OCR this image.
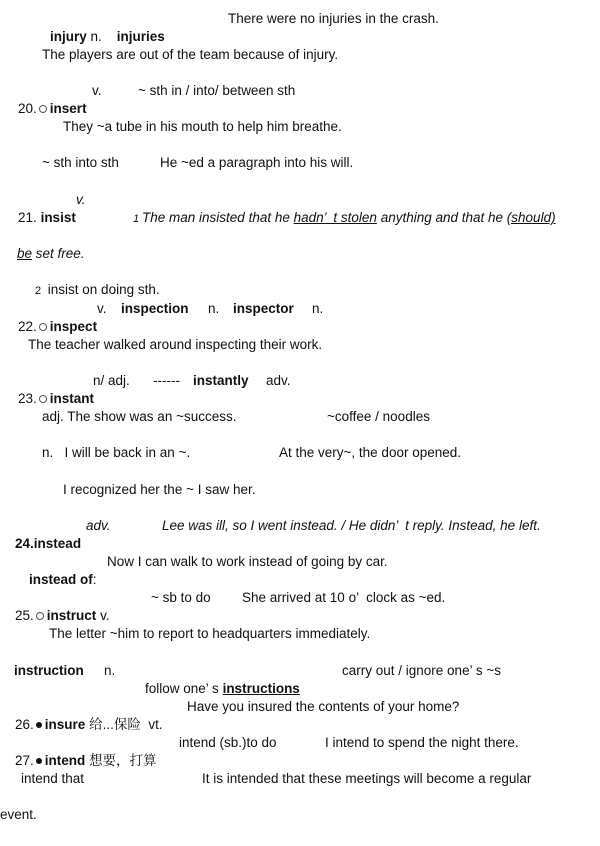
injury n.    injuries

There were no injuries in the crash.
The players are out of the team because of injury.

20. insert

v.	~ sth in / into/ between sth
They ~a tube in his mouth to help him breathe.
~ sth into sth	He ~ed a paragraph into his will.

21. insist

v.

1 The man insisted that he hadn’  t stolen anything and that he (should)

be set free.

2 insist on doing sth.

22. inspect

v. inspection n. inspector n.
The teacher walked around inspecting their work.

23. instant

n/ adj. ------ instantly adv.
adj. The show was an ~success.	~coffee / noodles
n.   I will be back in an ~.	At the very~, the door opened.
I recognized her the ~ I saw her.

24.instead

adv.	Lee was ill, so I went instead. / He didn’  t reply. Instead, he left.

instead of:

Now I can walk to work instead of going by car.

25. instruct v.

~ sb to do She arrived at 10 o’  clock as ~ed.
The letter ~him to report to headquarters immediately.
instruction n.

follow one’ s instructions

carry out / ignore one’ s ~s

26. insure 给...保险 vt.

Have you insured the contents of your home?

27. intend 想要，打算

intend (sb.)to do	I intend to spend the night there.
intend that	It is intended that these meetings will become a regular
event.
